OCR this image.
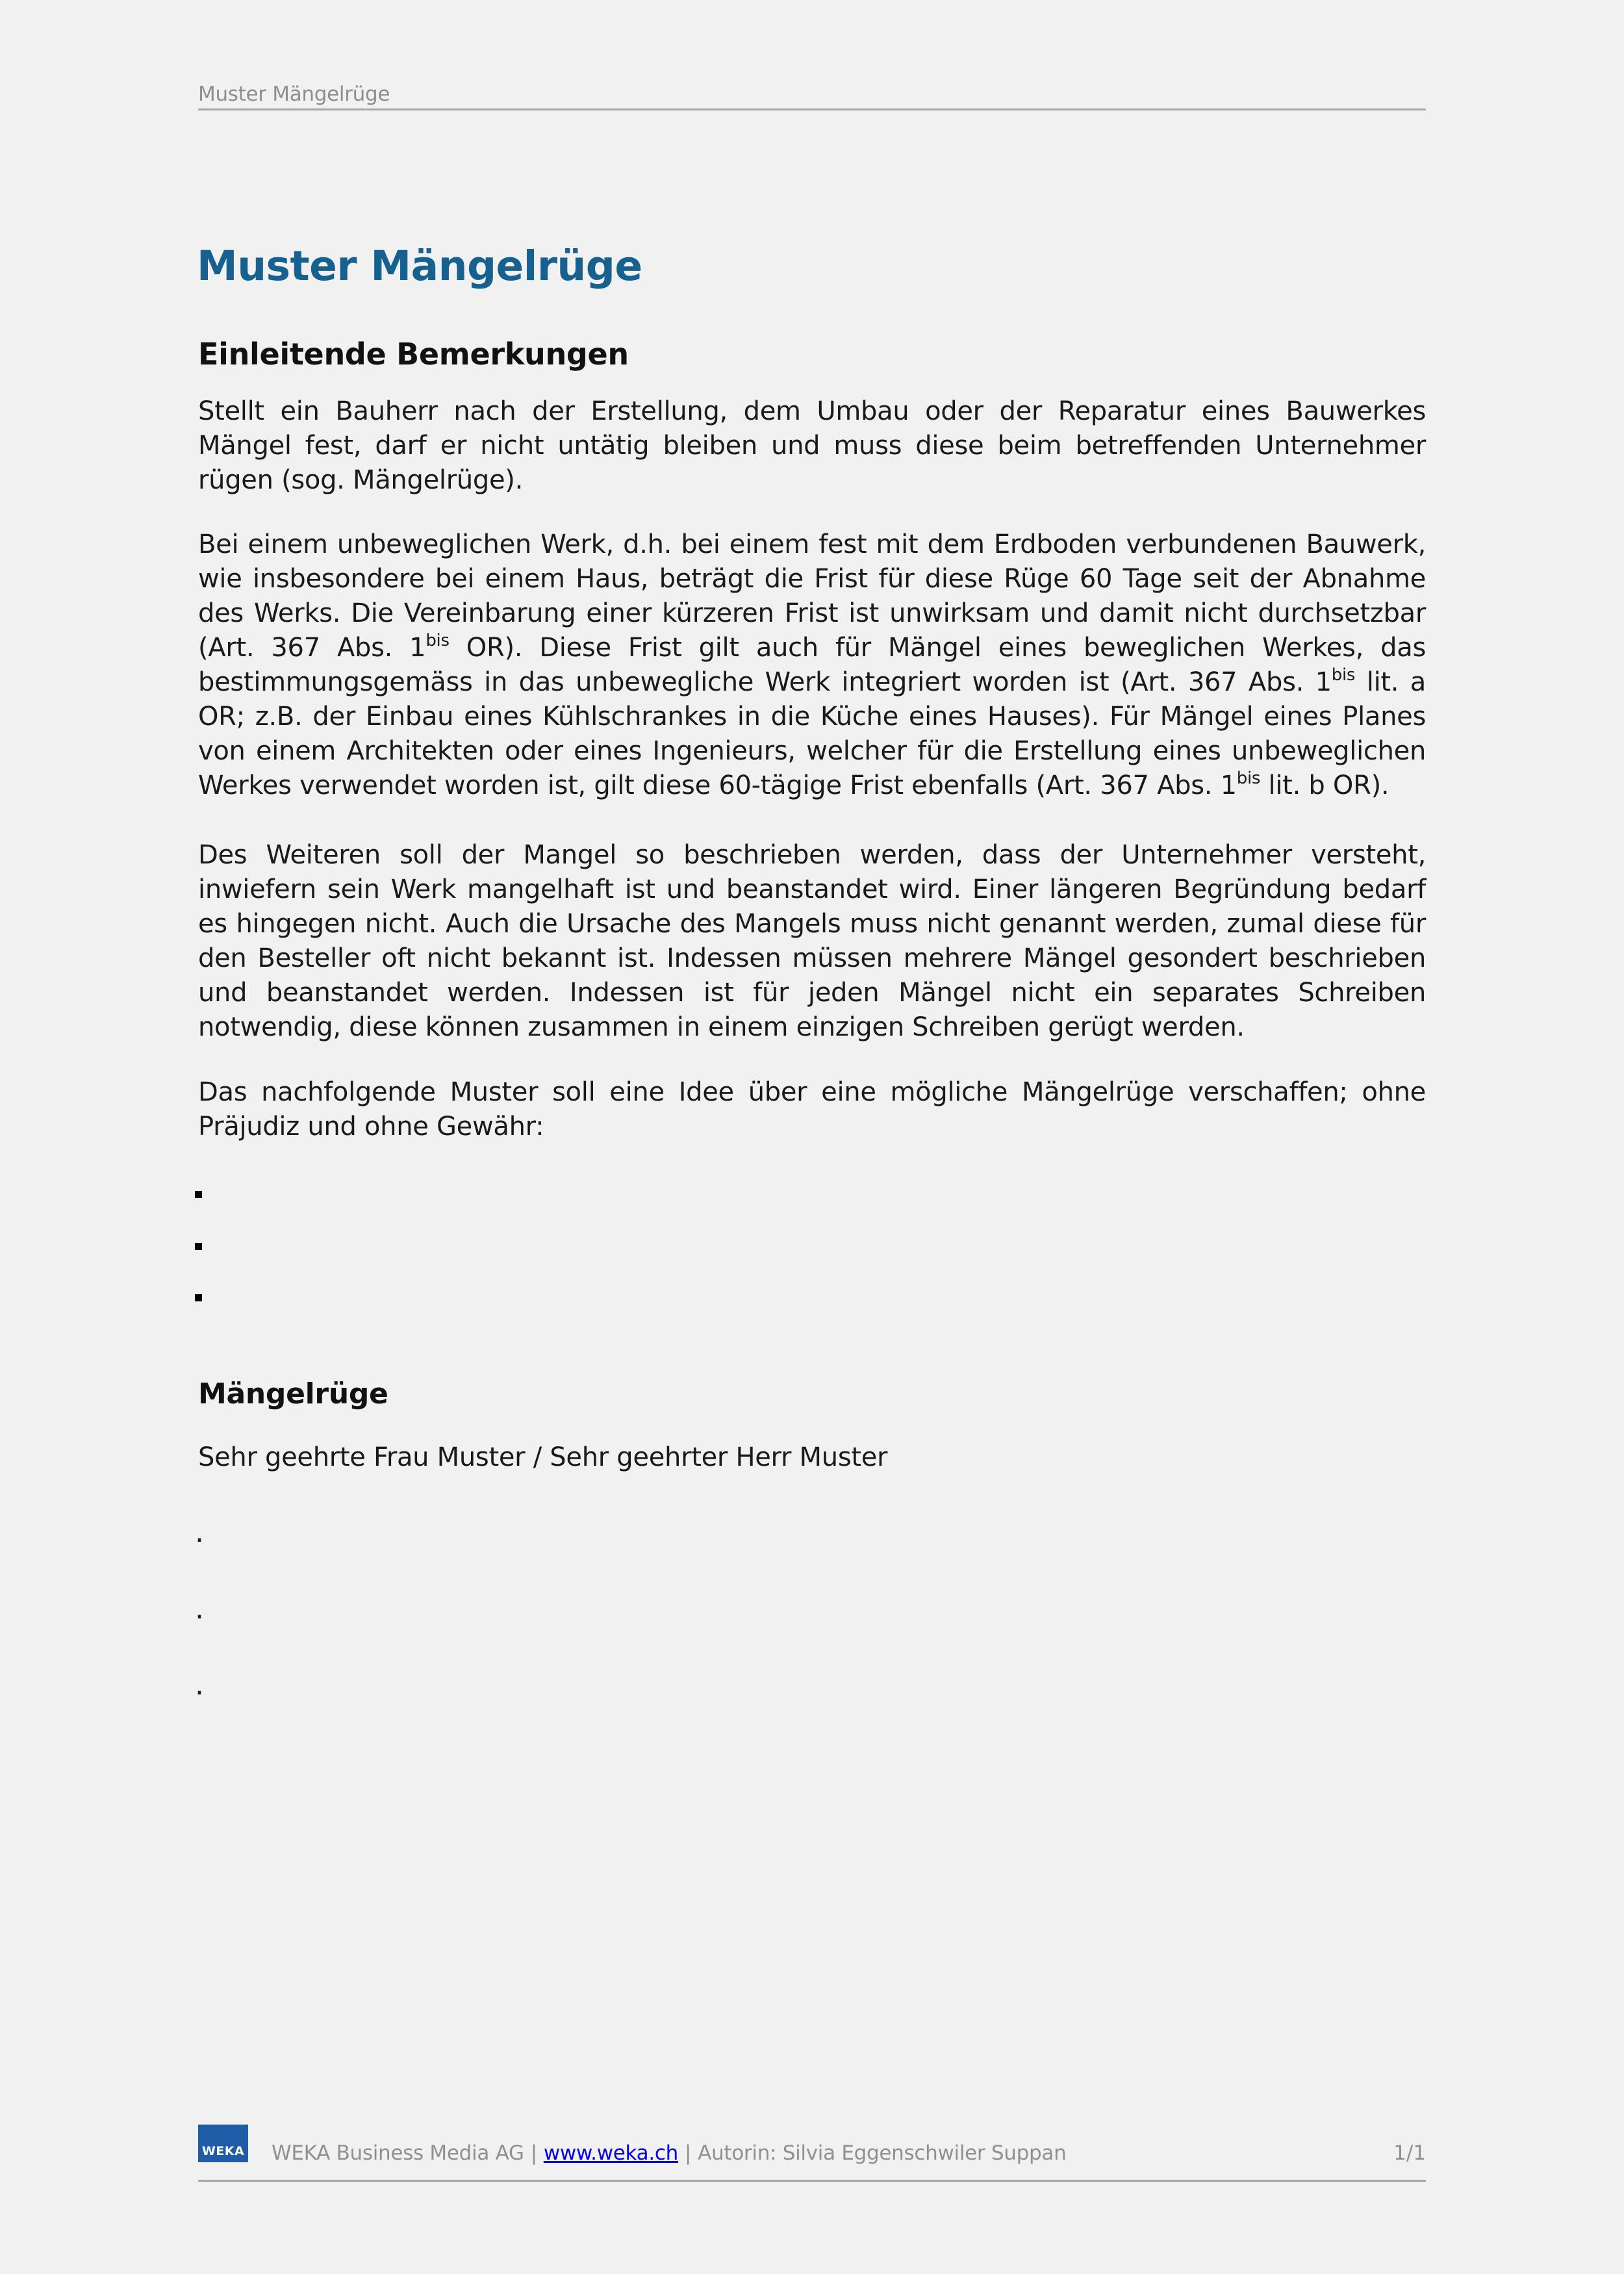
Muster Mängelrüge
Muster Mängelrüge
Einleitende Bemerkungen

Stellt ein Bauherr nach der Erstellung, dem Umbau oder der Reparatur eines Bauwerkes Mängel fest, darf er nicht untätig bleiben und muss diese beim betreffenden Unternehmer rügen (sog. Mängelrüge).

Bei einem unbeweglichen Werk, d.h. bei einem fest mit dem Erdboden verbundenen Bauwerk, wie insbesondere bei einem Haus, beträgt die Frist für diese Rüge 60 Tage seit der Abnahme des Werks. Die Vereinbarung einer kürzeren Frist ist unwirksam und damit nicht durchsetzbar (Art. 367 Abs. $1^{bis}$ OR). Diese Frist gilt auch für Mängel eines beweglichen Werkes, das bestimmungsgemäss in das unbewegliche Werk integriert worden ist (Art. 367 Abs. $1^{bis}$ lit. a OR; z.B. der Einbau eines Kühlschrankes in die Küche eines Hauses). Für Mängel eines Planes von einem Architekten oder eines Ingenieurs, welcher für die Erstellung eines unbeweglichen Werkes verwendet worden ist, gilt diese 60-tägige Frist ebenfalls (Art. 367 Abs. $1^{bis}$ lit. b OR).

Des Weiteren soll der Mangel so beschrieben werden, dass der Unternehmer versteht, inwiefern sein Werk mangelhaft ist und beanstandet wird. Einer längeren Begründung bedarf es hingegen nicht. Auch die Ursache des Mangels muss nicht genannt werden, zumal diese für den Besteller oft nicht bekannt ist. Indessen müssen mehrere Mängel gesondert beschrieben und beanstandet werden. Indessen ist für jeden Mängel nicht ein separates Schreiben notwendig, diese können zusammen in einem einzigen Schreiben gerügt werden.

Das nachfolgende Muster soll eine Idee über eine mögliche Mängelrüge verschaffen; ohne Präjudiz und ohne Gewähr:

Mängelrüge

Sehr geehrte Frau Muster / Sehr geehrter Herr Muster

.

.

.

WEKA WEKA Business Media AG | www.weka.ch | Autorin: Silvia Eggenschwiler Suppan	1/1
